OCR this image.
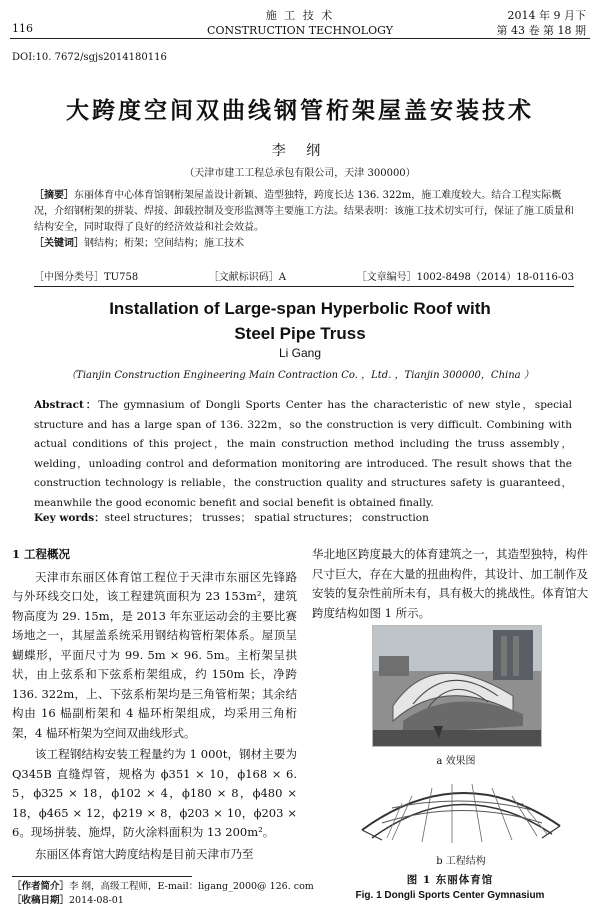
116
施 工 技 术
CONSTRUCTION TECHNOLOGY
2014 年 9 月下
第 43 卷 第 18 期
DOI:10. 7672/sgjs2014180116
大跨度空间双曲线钢管桁架屋盖安装技术
李 纲
（天津市建工工程总承包有限公司，天津 300000）
［摘要］东丽体育中心体育馆钢桁架屋盖设计新颖、造型独特，跨度长达 136. 322m，施工难度较大。结合工程实际概况，介绍钢桁架的拼装、焊接、卸载控制及变形监测等主要施工方法。结果表明：该施工技术切实可行，保证了施工质量和结构安全，同时取得了良好的经济效益和社会效益。
［关键词］钢结构；桁架；空间结构；施工技术
［中图分类号］TU758	［文献标识码］A	［文章编号］1002-8498（2014）18-0116-03
Installation of Large-span Hyperbolic Roof with
Steel Pipe Truss
Li Gang
（Tianjin Construction Engineering Main Contraction Co. ，Ltd. ，Tianjin 300000，China ）
Abstract：The gymnasium of Dongli Sports Center has the characteristic of new style，special structure and has a large span of 136. 322m，so the construction is very difficult. Combining with actual conditions of this project，the main construction method including the truss assembly，welding，unloading control and deformation monitoring are introduced. The result shows that the construction technology is reliable，the construction quality and structures safety is guaranteed，meanwhile the good economic benefit and social benefit is obtained finally.
Key words：steel structures； trusses； spatial structures； construction
1 工程概况

天津市东丽区体育馆工程位于天津市东丽区先锋路与外环线交口处，该工程建筑面积为 23 153m²，建筑物高度为 29. 15m，是 2013 年东亚运动会的主要比赛场地之一，其屋盖系统采用钢结构管桁架体系。屋顶呈蝴蝶形，平面尺寸为 99. 5m × 96. 5m。主桁架呈拱状，由上弦系和下弦系桁架组成，约 150m 长，净跨 136. 322m，上、下弦系桁架均是三角管桁架；其余结构由 16 榀副桁架和 4 榀环桁架组成，均采用三角桁架，4 榀环桁架为空间双曲线形式。

该工程钢结构安装工程量约为 1 000t，钢材主要为 Q345B 直缝焊管，规格为 ϕ351 × 10，ϕ168 × 6. 5，ϕ325 × 18，ϕ102 × 4，ϕ180 × 8，ϕ480 × 18，ϕ465 × 12，ϕ219 × 8，ϕ203 × 10，ϕ203 × 6。现场拼装、施焊，防火涂料面积为 13 200m²。

东丽区体育馆大跨度结构是目前天津市乃至

华北地区跨度最大的体育建筑之一，其造型独特，构件尺寸巨大，存在大量的扭曲构件，其设计、加工制作及安装的复杂性前所未有，具有极大的挑战性。体育馆大跨度结构如图 1 所示。

a 效果图
b 工程结构
图 1 东丽体育馆
Fig. 1 Dongli Sports Center Gymnasium
［作者简介］李 纲，高级工程师，E-mail：ligang_2000@ 126. com
［收稿日期］2014-08-01
